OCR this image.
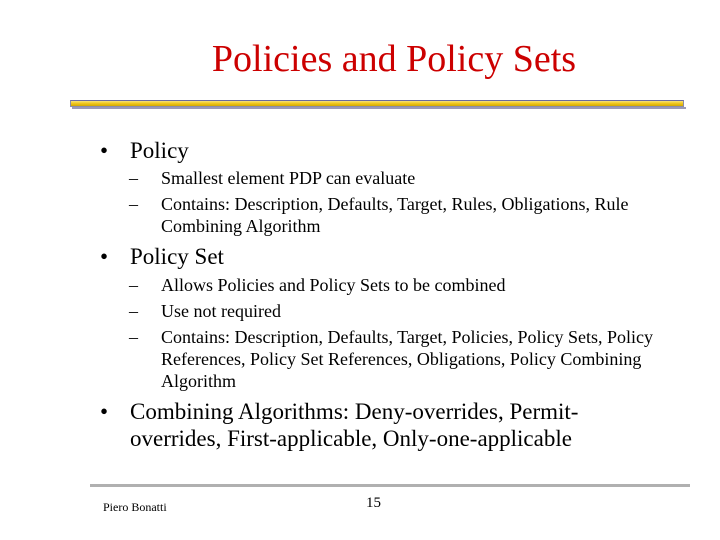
Policies and Policy Sets
• Policy
– Smallest element PDP can evaluate
– Contains: Description, Defaults, Target, Rules, Obligations, Rule Combining Algorithm
• Policy Set
– Allows Policies and Policy Sets to be combined
– Use not required
– Contains: Description, Defaults, Target, Policies, Policy Sets, Policy References, Policy Set References, Obligations, Policy Combining Algorithm
• Combining Algorithms: Deny-overrides, Permit-overrides, First-applicable, Only-one-applicable
Piero Bonatti	15
